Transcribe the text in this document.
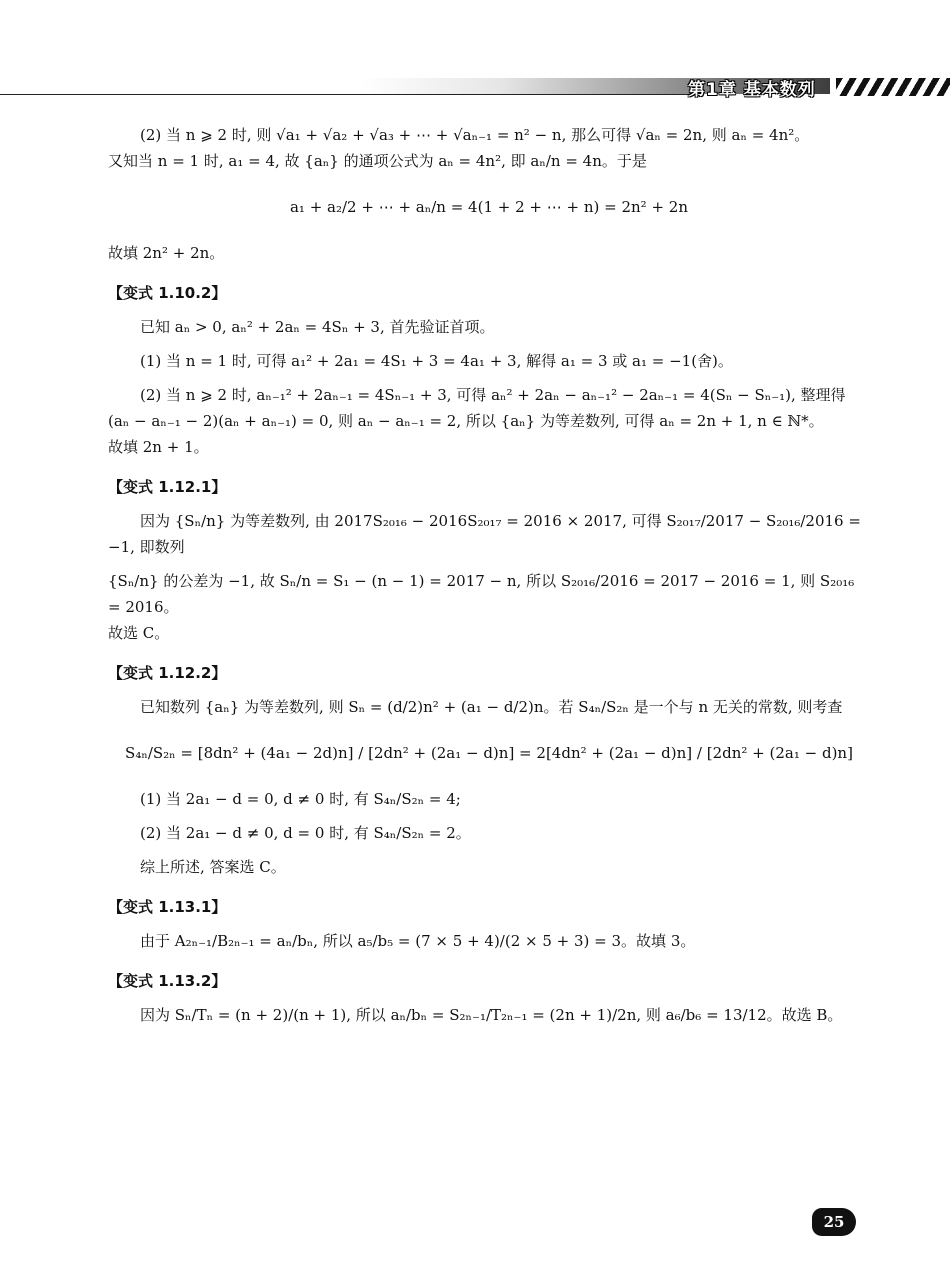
第1章 基本数列

(2) 当 n ⩾ 2 时, 则 √a₁ + √a₂ + √a₃ + ⋯ + √aₙ₋₁ = n² − n, 那么可得 √aₙ = 2n, 则 aₙ = 4n²。

又知当 n = 1 时, a₁ = 4, 故 {aₙ} 的通项公式为 aₙ = 4n², 即 aₙ/n = 4n。于是

a₁ + a₂/2 + ⋯ + aₙ/n = 4(1 + 2 + ⋯ + n) = 2n² + 2n

故填 2n² + 2n。

【变式 1.10.2】

已知 aₙ > 0, aₙ² + 2aₙ = 4Sₙ + 3, 首先验证首项。

(1) 当 n = 1 时, 可得 a₁² + 2a₁ = 4S₁ + 3 = 4a₁ + 3, 解得 a₁ = 3 或 a₁ = −1(舍)。

(2) 当 n ⩾ 2 时, aₙ₋₁² + 2aₙ₋₁ = 4Sₙ₋₁ + 3, 可得 aₙ² + 2aₙ − aₙ₋₁² − 2aₙ₋₁ = 4(Sₙ − Sₙ₋₁), 整理得

(aₙ − aₙ₋₁ − 2)(aₙ + aₙ₋₁) = 0, 则 aₙ − aₙ₋₁ = 2, 所以 {aₙ} 为等差数列, 可得 aₙ = 2n + 1, n ∈ ℕ*。

故填 2n + 1。

【变式 1.12.1】

因为 {Sₙ/n} 为等差数列, 由 2017S₂₀₁₆ − 2016S₂₀₁₇ = 2016 × 2017, 可得 S₂₀₁₇/2017 − S₂₀₁₆/2016 = −1, 即数列

{Sₙ/n} 的公差为 −1, 故 Sₙ/n = S₁ − (n − 1) = 2017 − n, 所以 S₂₀₁₆/2016 = 2017 − 2016 = 1, 则 S₂₀₁₆ = 2016。

故选 C。

【变式 1.12.2】

已知数列 {aₙ} 为等差数列, 则 Sₙ = (d/2)n² + (a₁ − d/2)n。若 S₄ₙ/S₂ₙ 是一个与 n 无关的常数, 则考查

S₄ₙ/S₂ₙ = [8dn² + (4a₁ − 2d)n] / [2dn² + (2a₁ − d)n] = 2[4dn² + (2a₁ − d)n] / [2dn² + (2a₁ − d)n]

(1) 当 2a₁ − d = 0, d ≠ 0 时, 有 S₄ₙ/S₂ₙ = 4;

(2) 当 2a₁ − d ≠ 0, d = 0 时, 有 S₄ₙ/S₂ₙ = 2。

综上所述, 答案选 C。

【变式 1.13.1】

由于 A₂ₙ₋₁/B₂ₙ₋₁ = aₙ/bₙ, 所以 a₅/b₅ = (7 × 5 + 4)/(2 × 5 + 3) = 3。故填 3。

【变式 1.13.2】

因为 Sₙ/Tₙ = (n + 2)/(n + 1), 所以 aₙ/bₙ = S₂ₙ₋₁/T₂ₙ₋₁ = (2n + 1)/2n, 则 a₆/b₆ = 13/12。故选 B。

25
